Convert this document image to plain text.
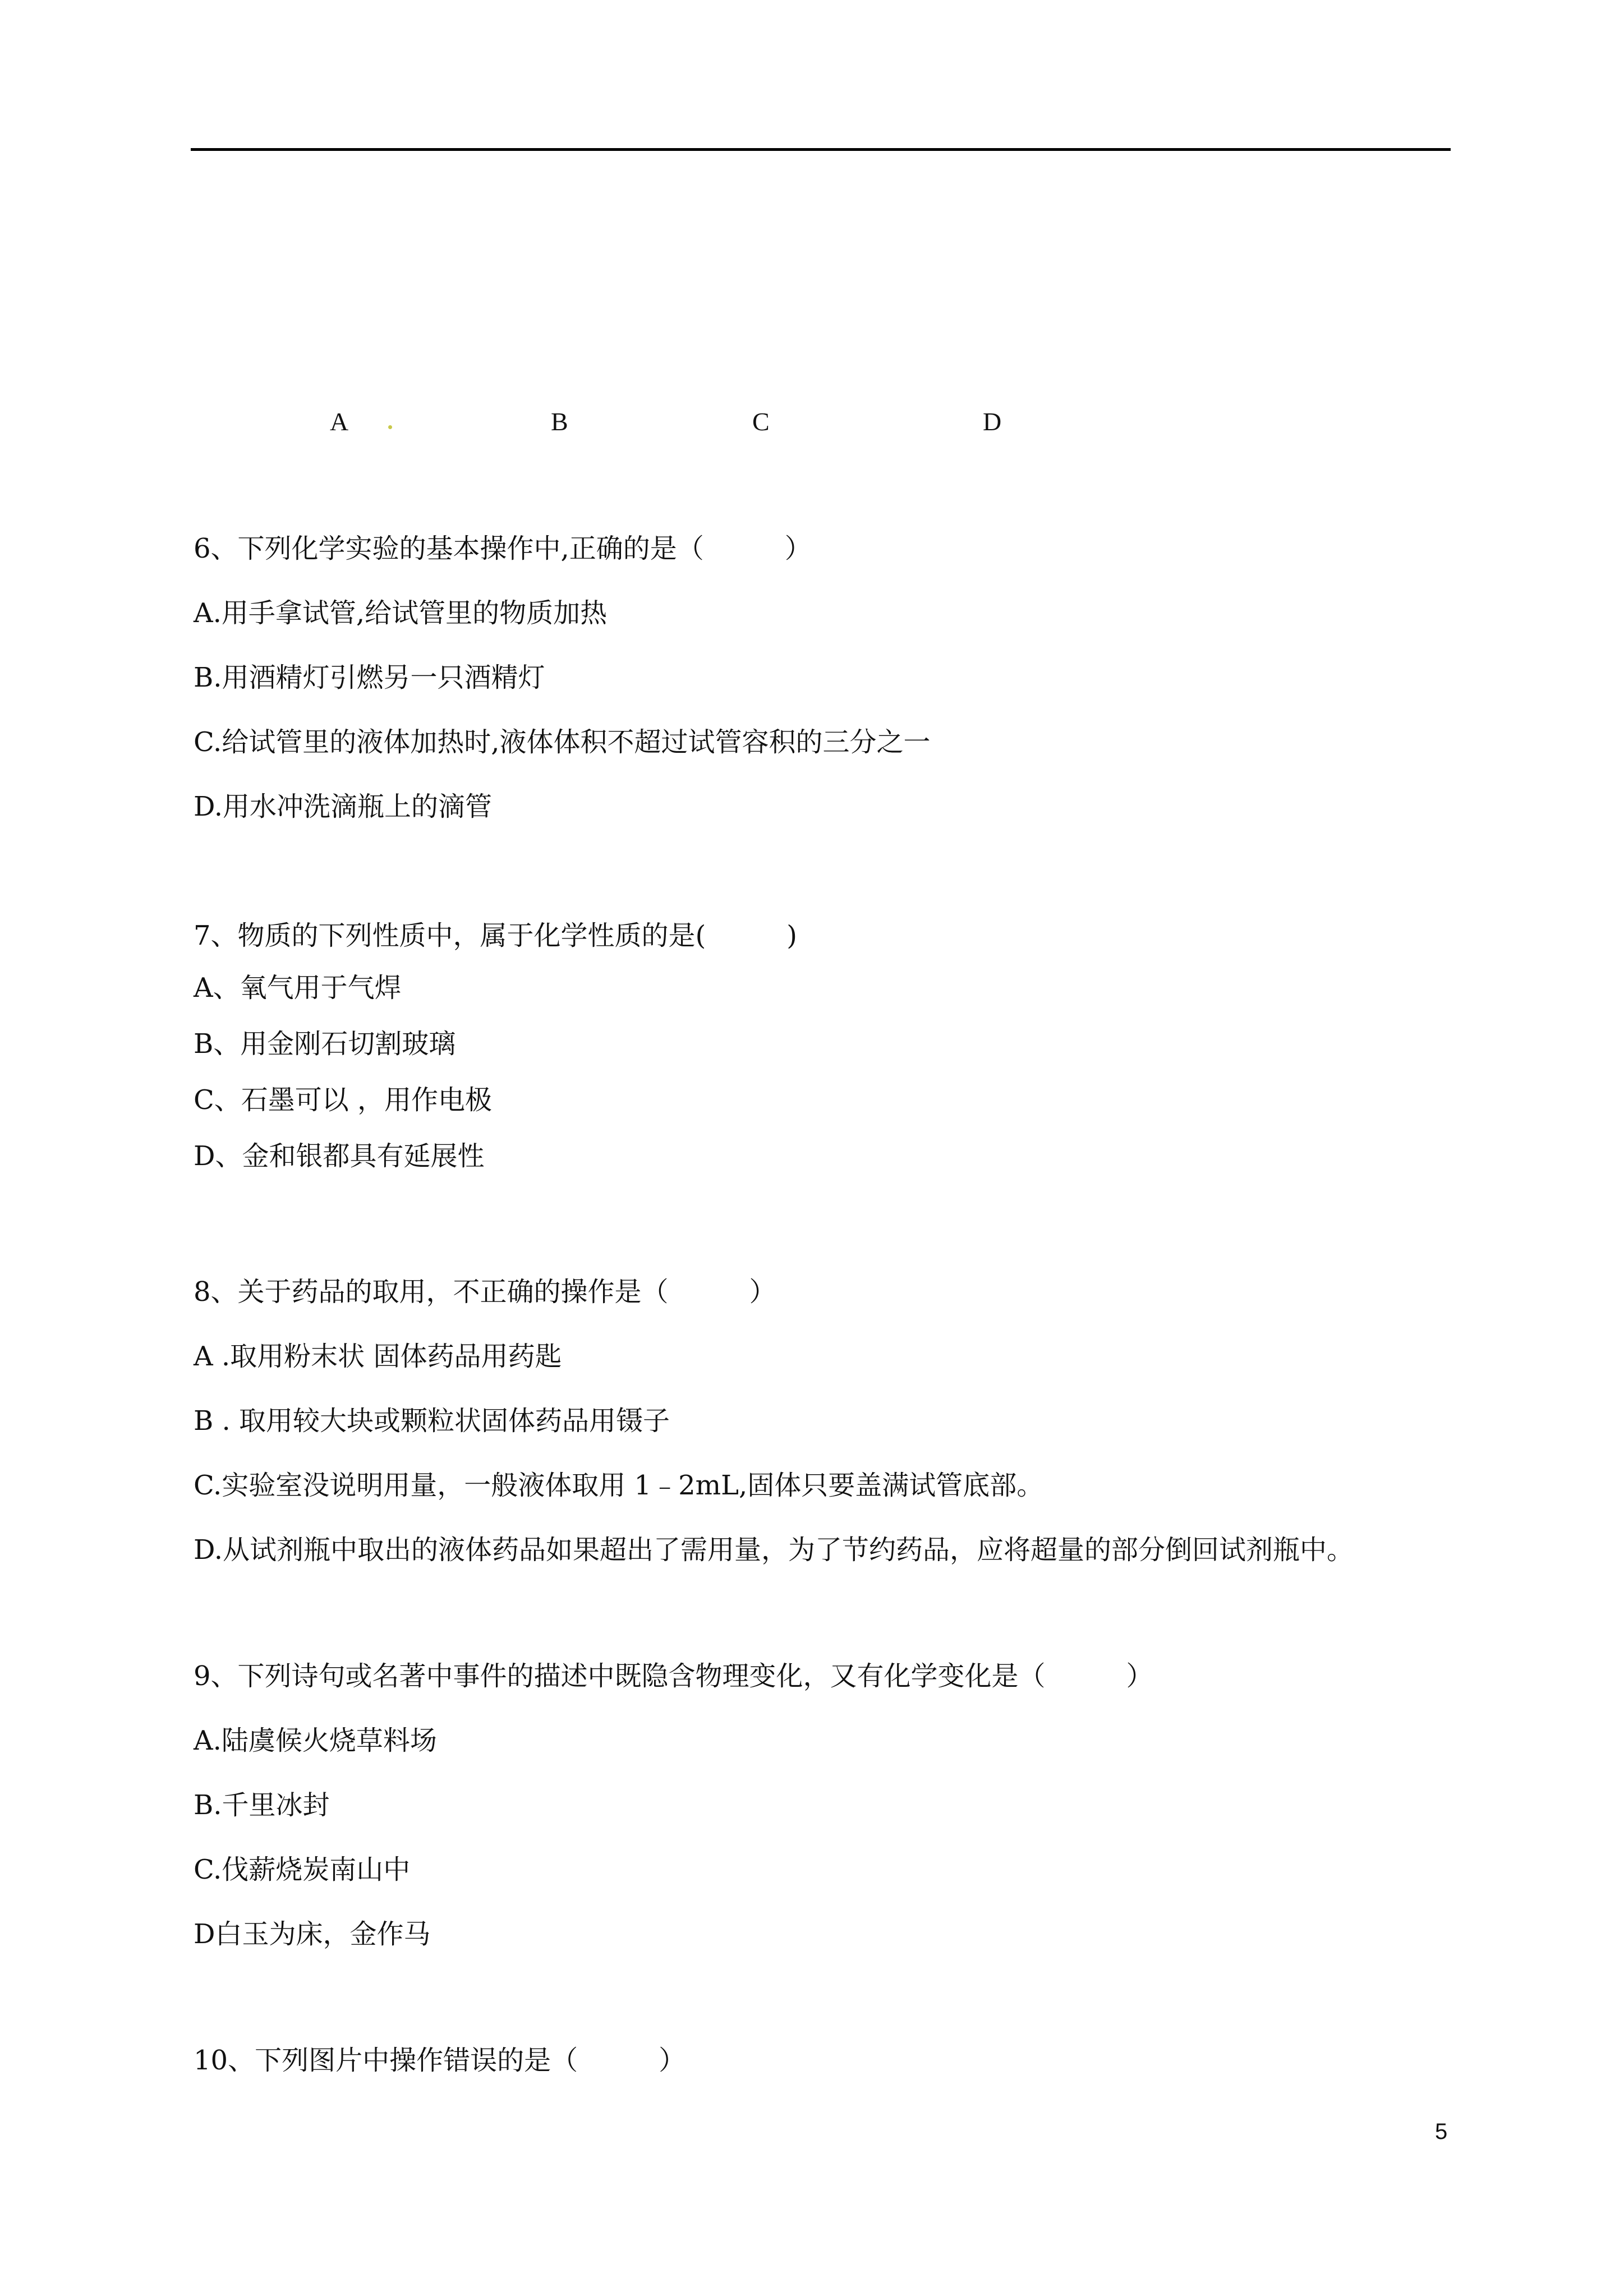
A	B	C	D
6、下列化学实验的基本操作中,正确的是（　　　）
A.用手拿试管,给试管里的物质加热
B.用酒精灯引燃另一只酒精灯
C.给试管里的液体加热时,液体体积不超过试管容积的三分之一
D.用水冲洗滴瓶上的滴管
7、物质的下列性质中，属于化学性质的是(　　　)
A、氧气用于气焊
B、用金刚石切割玻璃
C、石墨可以 ，用作电极
D、金和银都具有延展性
8、关于药品的取用，不正确的操作是（　　　）
A .取用粉末状 固体药品用药匙
B . 取用较大块或颗粒状固体药品用镊子
C.实验室没说明用量，一般液体取用 1﹣2mL,固体只要盖满试管底部。
D.从试剂瓶中取出的液体药品如果超出了需用量，为了节约药品，应将超量的部分倒回试剂瓶中。
9、下列诗句或名著中事件的描述中既隐含物理变化，又有化学变化是（　　　）
A.陆虞候火烧草料场
B.千里冰封
C.伐薪烧炭南山中
D白玉为床，金作马
10、下列图片中操作错误的是（　　　）
5
